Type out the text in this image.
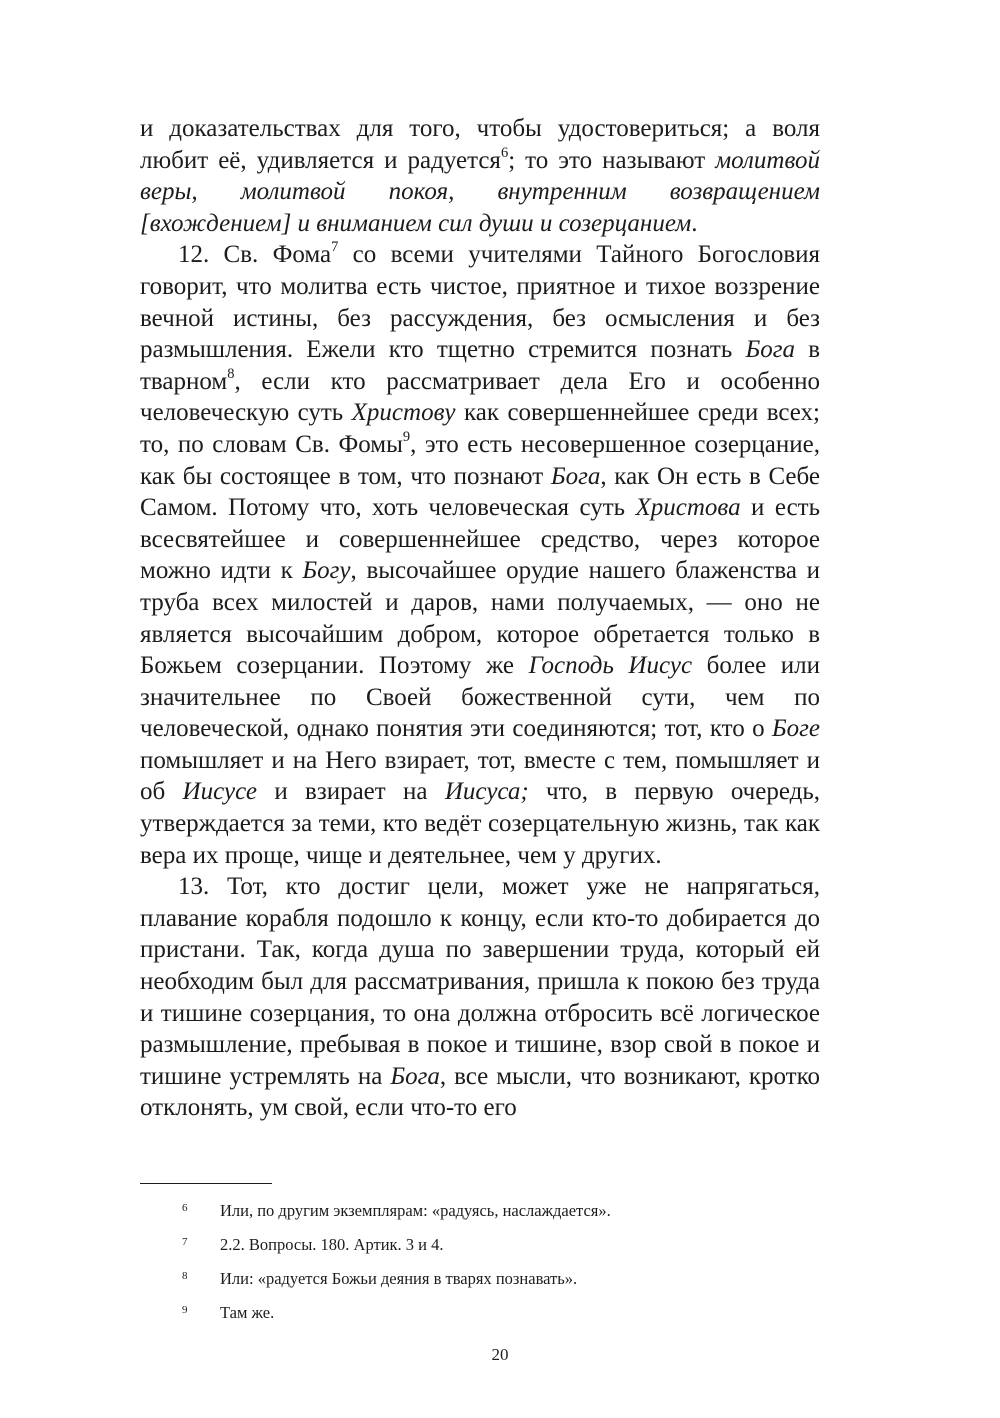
и доказательствах для того, чтобы удостовериться; а воля любит её, удивляется и радуется$^6$; то это называют молитвой веры, молитвой покоя, внутренним возвращением [вхождением] и вниманием сил души и созерцанием.

12. Св. Фома$^7$ со всеми учителями Тайного Богословия говорит, что молитва есть чистое, приятное и тихое воззрение вечной истины, без рассуждения, без осмысления и без размышления. Ежели кто тщетно стремится познать Бога в тварном$^8$, если кто рассматривает дела Его и особенно человеческую суть Христову как совершеннейшее среди всех; то, по словам Св. Фомы$^9$, это есть несовершенное созерцание, как бы состоящее в том, что познают Бога, как Он есть в Себе Самом. Потому что, хоть человеческая суть Христова и есть всесвятейшее и совершеннейшее средство, через которое можно идти к Богу, высочайшее орудие нашего блаженства и труба всех милостей и даров, нами получаемых, — оно не является высочайшим добром, которое обретается только в Божьем созерцании. Поэтому же Господь Иисус более или значительнее по Своей божественной сути, чем по человеческой, однако понятия эти соединяются; тот, кто о Боге помышляет и на Него взирает, тот, вместе с тем, помышляет и об Иисусе и взирает на Иисуса; что, в первую очередь, утверждается за теми, кто ведёт созерцательную жизнь, так как вера их проще, чище и деятельнее, чем у других.

13. Тот, кто достиг цели, может уже не напрягаться, плавание корабля подошло к концу, если кто-то добирается до пристани. Так, когда душа по завершении труда, который ей необходим был для рассматривания, пришла к покою без труда и тишине созерцания, то она должна отбросить всё логическое размышление, пребывая в покое и тишине, взор свой в покое и тишине устремлять на Бога, все мысли, что возникают, кротко отклонять, ум свой, если что-то его

6	Или, по другим экземплярам: «радуясь, наслаждается».
7	2.2. Вопросы. 180. Артик. 3 и 4.
8	Или: «радуется Божьи деяния в тварях познавать».
9	Там же.
20
